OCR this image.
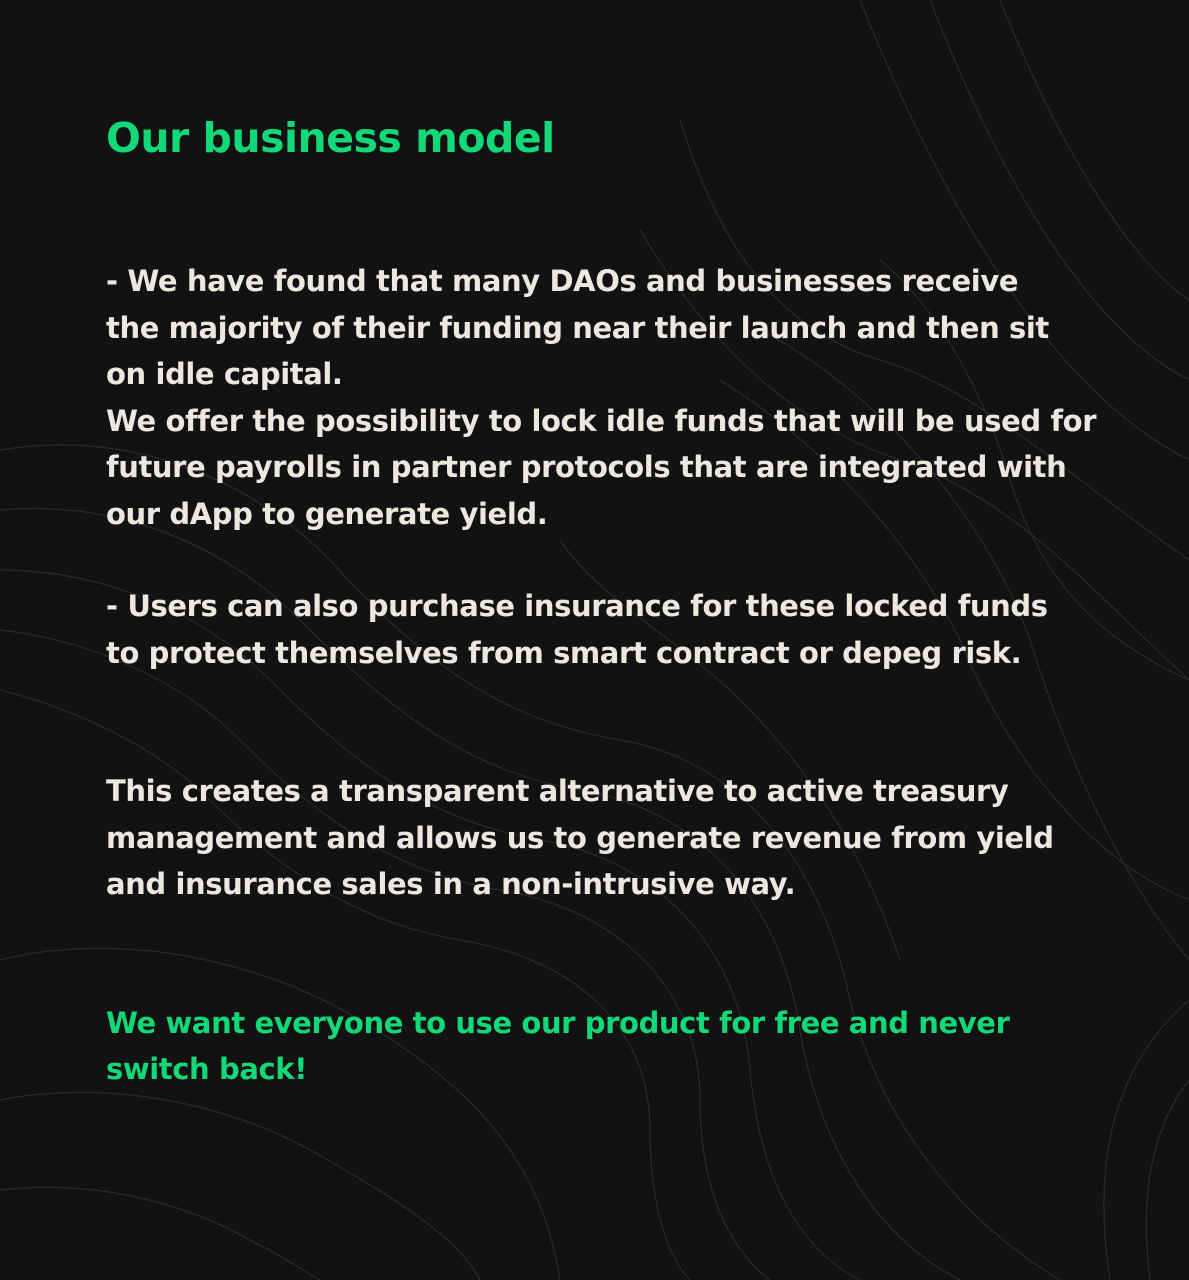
Our business model

- We have found that many DAOs and businesses receive
the majority of their funding near their launch and then sit
on idle capital.
We offer the possibility to lock idle funds that will be used for
future payrolls in partner protocols that are integrated with
our dApp to generate yield.

- Users can also purchase insurance for these locked funds
to protect themselves from smart contract or depeg risk.

This creates a transparent alternative to active treasury
management and allows us to generate revenue from yield
and insurance sales in a non-intrusive way.

We want everyone to use our product for free and never
switch back!
